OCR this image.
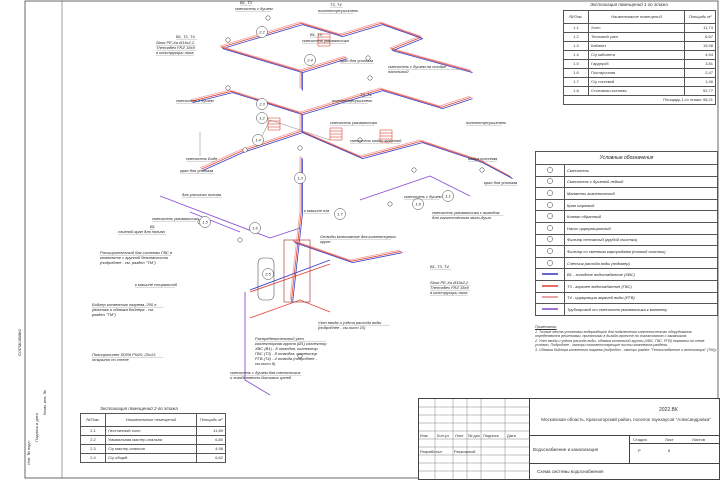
2.2
2.4
2.3
1.4
1.3
1.5
1.6
1.7
1.8
1.1
1.2
2.5
В1, Т3
смеситель с душем
Т3, Т4
полотенцесушитель
В1, Т2, Т4
Stout PE-Xa Ø16x2,2
Thermaflex FRZ 18x9
в конструкции пола
В1, Т3
смеситель умывальника
кран для унитаза
смеситель с душем на стойке напольный
смеситель с душем
Т3, Т4
полотенцесушитель
смеситель умывальника
смеситель мойки кухонной
полотенцесушитель
смеситель Биде	мойка кухонная
кран для унитаза
для уличного полива
смеситель умывальника
смеситель с душем
кран для унитаза
к машине п/м
Отводы монтажные для коллекторных групп
смеситель умывальника с выводом для гигиенического мини-душа
Расширительный бак системы ГВС в комплекте с группой безопасности (подробнее - см. раздел "ТМ")
к машине стиральной
Бойлер косвенного нагрева, 200 л (монтаж и обвязка бойлера - см. раздел "ТМ")
Полипропилен SDR6 PN20, 20x13 открыто по стене
В1, Т3, Т4
Stout PE-Xa Ø16x2,2
Thermaflex FRZ 18x9
в конструкции пола
Узел ввода и учёта расхода воды (подробнее - см.лист 10)
Распределительный узел коллекторная группа (Ø1) коллектор ХВС (В1) - 8 отводов, коллектор ГВС (Т3) - 8 отводов, коллектор РГВ (Т4) - 4 отвода (подробнее -см.лист 9)
смеситель с душем для технических и хозяйственно-бытовых целей
В1
сливной кран для полива
Экспликация помещений 1-го этажа
№Пом.	Наименование помещений	Площадь м²
1.1	Холл	11,74
1.2	Тепловой узел	6,67
1.3	Кабинет	15,98
1.4	С/у кабинета	4,54
1.5	Гардероб	3,81
1.6	Постирочная	2,47
1.7	С/у гостевой	1,46
1.8	Столовая-гостиная	52,77
Площадь 1-го этажа: 98,21		
Условные обозначения	
	Смеситель
	Смеситель с душевой лейкой
	Манжеты гигиенической
	Кран шаровый
	Клапан обратный
	Насос циркуляционный
	Фильтр сетчатый (грубой очистки)
	Фильтр со сменным картриджем (тонкой очистки)
	Счётчик расхода воды (водомер)
	В1 - холодное водоснабжение (ХВС)
	Т3 - горячее водоснабжение (ГВС)
	Т4 - циркуляция горячей воды (РГВ)
	Трубопровод от смесителя умывальника к манжету
Примечания:
1. Точные места установки водоразборов для подключения сантехнического оборудования определяются решениями, принятыми в дизайн-проекте по согласованию с заказчиком.
2. Узел ввода и учёта расхода воды, обвязка котельной группы (ХВС, ГВС, РГВ) показаны на схеме условно. Подробнее - смотри соответствующие листы комплекта раздела.
3. Обвязка бойлера косвенного нагрева (подробно - смотри раздел "Теплоснабжение и вентиляция" (ТМ)).
Экспликация помещений 2-го этажа
№Пом.	Наименование помещений	Площадь м²
2.1	Лестничный холл	11,89
2.2	Умывальная мастер-спальни	6,80
2.3	С/у мастер-спальни	4,98
2.4	С/у общий	6,62
Изм. Кол.уч Лист № док Подпись Дата
Разработал	Раскошный
2022.ВК
Московская область, Красногорский район, поселок таунхаусов "Александровка"
Водоснабжение и канализация
Схема системы водоснабжения
Стадия	Лист	Листов
Р	6
Согласовано
Инв. № подл.
Подпись и дата
Взам. инв. №
